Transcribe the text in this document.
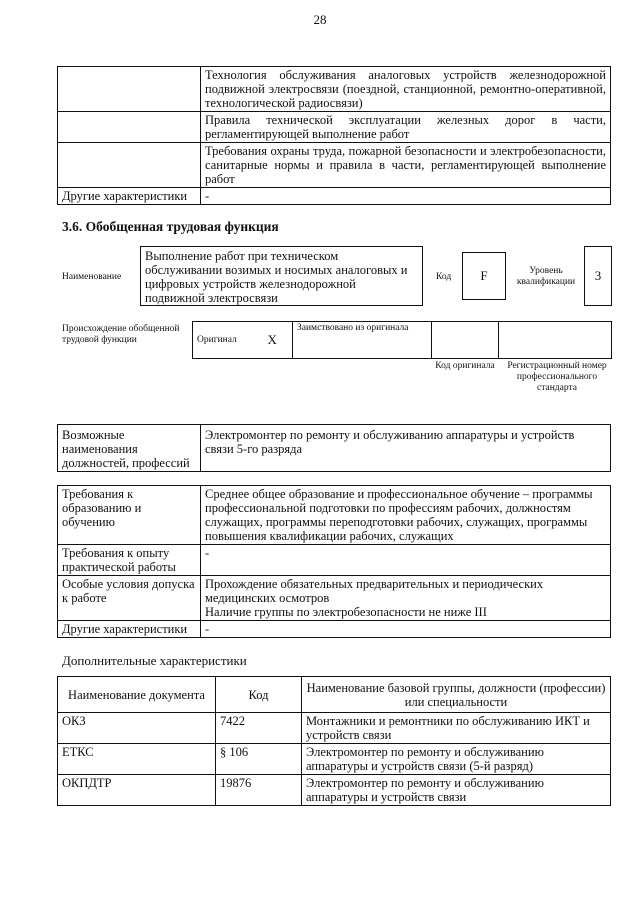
28
	Технология обслуживания аналоговых устройств железнодорожной подвижной электросвязи (поездной, станционной, ремонтно-оперативной, технологической радиосвязи)
	Правила технической эксплуатации железных дорог в части, регламентирующей выполнение работ
	Требования охраны труда, пожарной безопасности и электробезопасности, санитарные нормы и правила в части, регламентирующей выполнение работ
Другие характеристики	-
3.6. Обобщенная трудовая функция
Наименование
Выполнение работ при техническом обслуживании возимых и носимых аналоговых и цифровых устройств железнодорожной подвижной электросвязи
Код	F	Уровень квалификации	3
Происхождение обобщенной трудовой функции	Оригинал	X	Заимствовано из оригинала		
Код оригинала	Регистрационный номер профессионального стандарта
Возможные наименования должностей, профессий	Электромонтер по ремонту и обслуживанию аппаратуры и устройств связи 5-го разряда
Требования к образованию и обучению	Среднее общее образование и профессиональное обучение – программы профессиональной подготовки по профессиям рабочих, должностям служащих, программы переподготовки рабочих, служащих, программы повышения квалификации рабочих, служащих
Требования к опыту практической работы	-
Особые условия допуска к работе	Прохождение обязательных предварительных и периодических медицинских осмотров
Наличие группы по электробезопасности не ниже III

Другие характеристики	-
Дополнительные характеристики
Наименование документа	Код	Наименование базовой группы, должности (профессии) или специальности
ОКЗ	7422	Монтажники и ремонтники по обслуживанию ИКТ и устройств связи
ЕТКС	§ 106	Электромонтер по ремонту и обслуживанию аппаратуры и устройств связи (5-й разряд)
ОКПДТР	19876	Электромонтер по ремонту и обслуживанию аппаратуры и устройств связи
